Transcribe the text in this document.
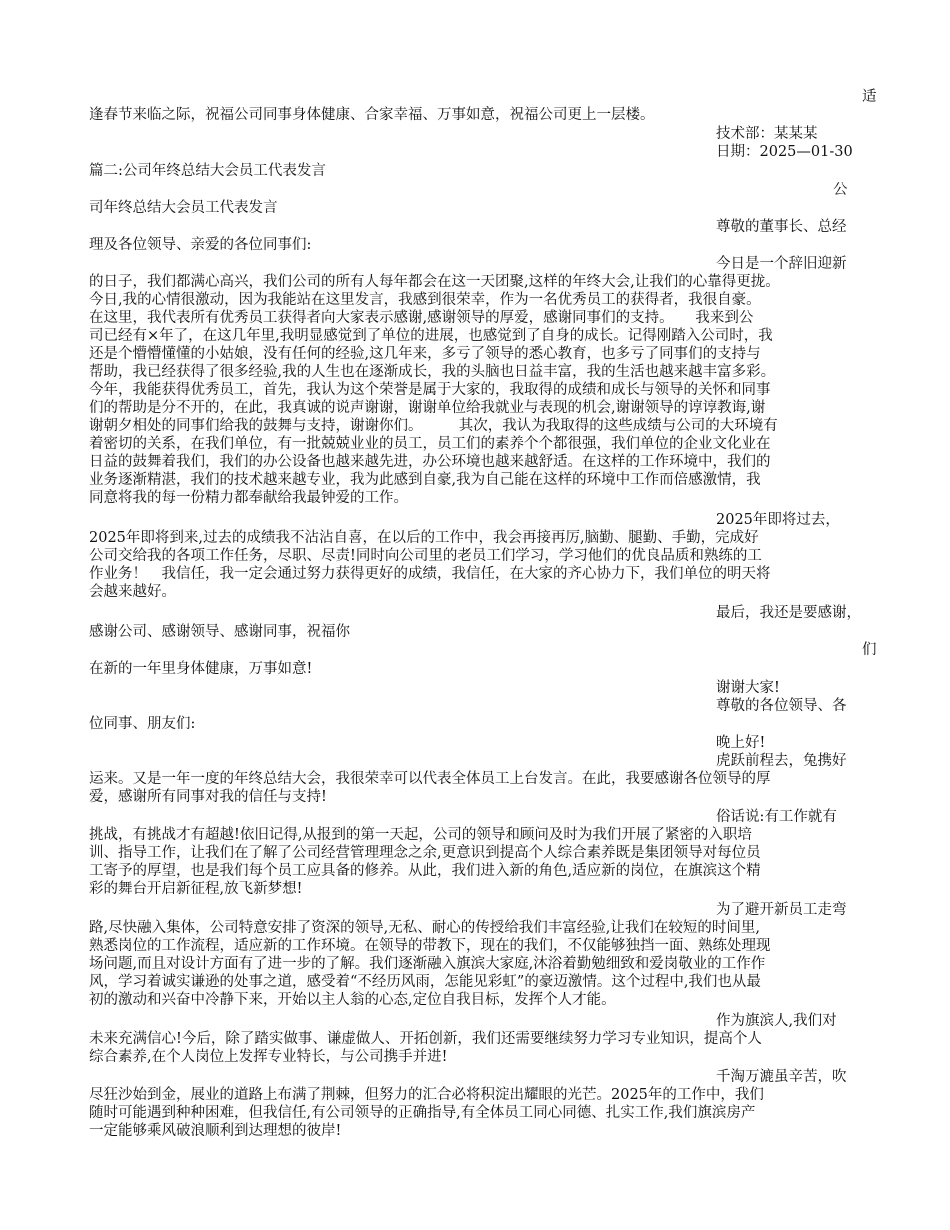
适

逢春节来临之际，祝福公司同事身体健康、合家幸福、万事如意，祝福公司更上一层楼。

技术部：某某某

日期：2025—01-30

篇二:公司年终总结大会员工代表发言

公

司年终总结大会员工代表发言

尊敬的董事长、总经

理及各位领导、亲爱的各位同事们:

今日是一个辞旧迎新

的日子，我们都满心高兴，我们公司的所有人每年都会在这一天团聚,这样的年终大会,让我们的心靠得更拢。

今日,我的心情很激动，因为我能站在这里发言，我感到很荣幸，作为一名优秀员工的获得者，我很自豪。

在这里，我代表所有优秀员工获得者向大家表示感谢,感谢领导的厚爱，感谢同事们的支持。　　我来到公

司已经有×年了，在这几年里,我明显感觉到了单位的进展，也感觉到了自身的成长。记得刚踏入公司时，我

还是个懵懵懂懂的小姑娘，没有任何的经验,这几年来，多亏了领导的悉心教育，也多亏了同事们的支持与

帮助，我已经获得了很多经验,我的人生也在逐渐成长，我的头脑也日益丰富，我的生活也越来越丰富多彩。

今年，我能获得优秀员工，首先，我认为这个荣誉是属于大家的，我取得的成绩和成长与领导的关怀和同事

们的帮助是分不开的，在此，我真诚的说声谢谢，谢谢单位给我就业与表现的机会,谢谢领导的谆谆教诲,谢

谢朝夕相处的同事们给我的鼓舞与支持，谢谢你们。　　　其次，我认为我取得的这些成绩与公司的大环境有

着密切的关系，在我们单位，有一批兢兢业业的员工，员工们的素养个个都很强，我们单位的企业文化业在

日益的鼓舞着我们，我们的办公设备也越来越先进，办公环境也越来越舒适。在这样的工作环境中，我们的

业务逐渐精湛，我们的技术越来越专业，我为此感到自豪,我为自己能在这样的环境中工作而倍感激情，我

同意将我的每一份精力都奉献给我最钟爱的工作。

2025年即将过去，

2025年即将到来,过去的成绩我不沾沾自喜，在以后的工作中，我会再接再厉,脑勤、腿勤、手勤，完成好

公司交给我的各项工作任务，尽职、尽责!同时向公司里的老员工们学习，学习他们的优良品质和熟练的工

作业务！　我信任，我一定会通过努力获得更好的成绩，我信任，在大家的齐心协力下，我们单位的明天将

会越来越好。

最后，我还是要感谢，

感谢公司、感谢领导、感谢同事，祝福你

们

在新的一年里身体健康，万事如意!

谢谢大家!

尊敬的各位领导、各

位同事、朋友们:

晚上好!

虎跃前程去，兔携好

运来。又是一年一度的年终总结大会，我很荣幸可以代表全体员工上台发言。在此，我要感谢各位领导的厚

爱，感谢所有同事对我的信任与支持!

俗话说:有工作就有

挑战，有挑战才有超越!依旧记得,从报到的第一天起，公司的领导和顾问及时为我们开展了紧密的入职培

训、指导工作，让我们在了解了公司经营管理理念之余,更意识到提高个人综合素养既是集团领导对每位员

工寄予的厚望，也是我们每个员工应具备的修养。从此，我们进入新的角色,适应新的岗位，在旗滨这个精

彩的舞台开启新征程,放飞新梦想!

为了避开新员工走弯

路,尽快融入集体，公司特意安排了资深的领导,无私、耐心的传授给我们丰富经验,让我们在较短的时间里,

熟悉岗位的工作流程，适应新的工作环境。在领导的带教下，现在的我们，不仅能够独挡一面、熟练处理现

场问题,而且对设计方面有了进一步的了解。我们逐渐融入旗滨大家庭,沐浴着勤勉细致和爱岗敬业的工作作

风，学习着诚实谦逊的处事之道，感受着“不经历风雨，怎能见彩虹”的豪迈激情。这个过程中,我们也从最

初的激动和兴奋中冷静下来，开始以主人翁的心态,定位自我目标，发挥个人才能。

作为旗滨人,我们对

未来充满信心!今后，除了踏实做事、谦虚做人、开拓创新，我们还需要继续努力学习专业知识，提高个人

综合素养,在个人岗位上发挥专业特长，与公司携手并进!

千淘万漉虽辛苦，吹

尽狂沙始到金，展业的道路上布满了荆棘，但努力的汇合必将积淀出耀眼的光芒。2025年的工作中，我们

随时可能遇到种种困难，但我信任,有公司领导的正确指导,有全体员工同心同德、扎实工作,我们旗滨房产

一定能够乘风破浪顺利到达理想的彼岸!
